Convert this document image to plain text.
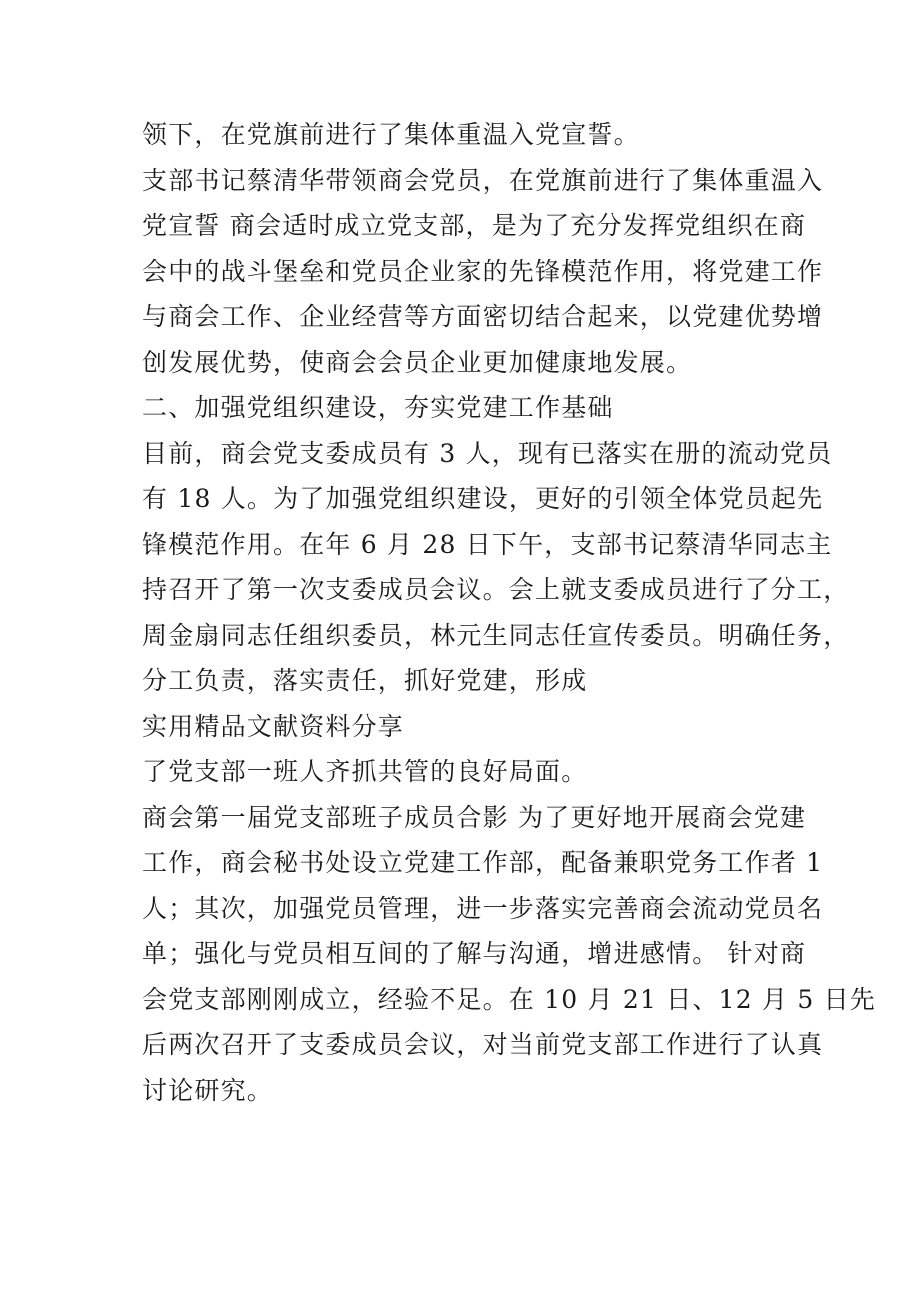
领下，在党旗前进行了集体重温入党宣誓。
支部书记蔡清华带领商会党员，在党旗前进行了集体重温入
党宣誓 商会适时成立党支部，是为了充分发挥党组织在商
会中的战斗堡垒和党员企业家的先锋模范作用，将党建工作
与商会工作、企业经营等方面密切结合起来，以党建优势增
创发展优势，使商会会员企业更加健康地发展。
二、加强党组织建设，夯实党建工作基础
目前，商会党支委成员有 3 人，现有已落实在册的流动党员
有 18 人。为了加强党组织建设，更好的引领全体党员起先
锋模范作用。在年 6 月 28 日下午，支部书记蔡清华同志主
持召开了第一次支委成员会议。会上就支委成员进行了分工，
周金扇同志任组织委员，林元生同志任宣传委员。明确任务，
分工负责，落实责任，抓好党建，形成
实用精品文献资料分享
了党支部一班人齐抓共管的良好局面。
商会第一届党支部班子成员合影 为了更好地开展商会党建
工作，商会秘书处设立党建工作部，配备兼职党务工作者 1
人；其次，加强党员管理，进一步落实完善商会流动党员名
单；强化与党员相互间的了解与沟通，增进感情。 针对商
会党支部刚刚成立，经验不足。在 10 月 21 日、12 月 5 日先
后两次召开了支委成员会议，对当前党支部工作进行了认真
讨论研究。
